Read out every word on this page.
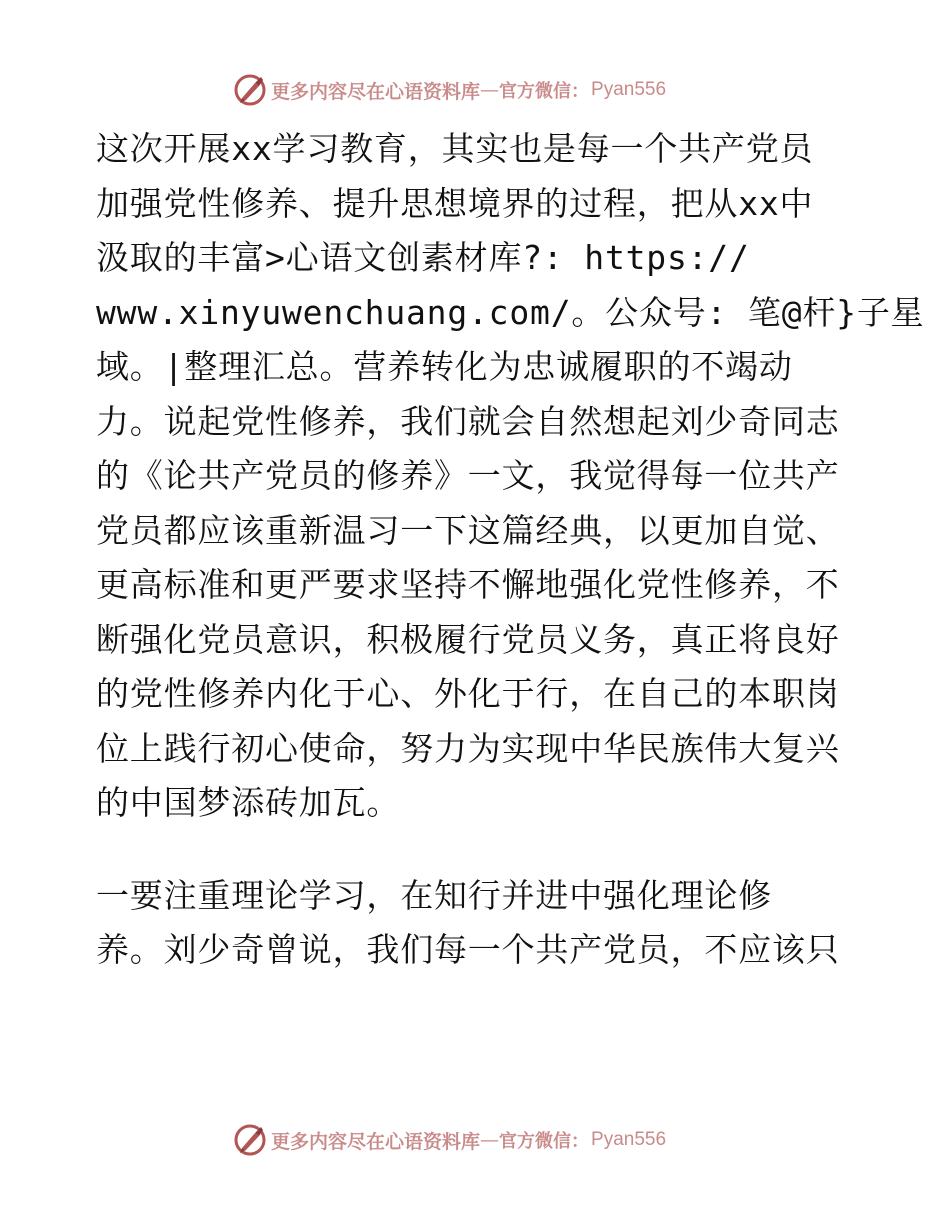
更多内容尽在心语资料库 — 官方微信： Pyan556
这次开展xx学习教育，其实也是每一个共产党员
加强党性修养、提升思想境界的过程，把从xx中
汲取的丰富>心语文创素材库?: https://
www.xinyuwenchuang.com/。公众号: 笔@杆}子星
域。|整理汇总。营养转化为忠诚履职的不竭动
力。说起党性修养，我们就会自然想起刘少奇同志
的《论共产党员的修养》一文，我觉得每一位共产
党员都应该重新温习一下这篇经典，以更加自觉、
更高标准和更严要求坚持不懈地强化党性修养，不
断强化党员意识，积极履行党员义务，真正将良好
的党性修养内化于心、外化于行，在自己的本职岗
位上践行初心使命，努力为实现中华民族伟大复兴
的中国梦添砖加瓦。
一要注重理论学习，在知行并进中强化理论修
养。刘少奇曾说，我们每一个共产党员，不应该只
更多内容尽在心语资料库 — 官方微信： Pyan556
